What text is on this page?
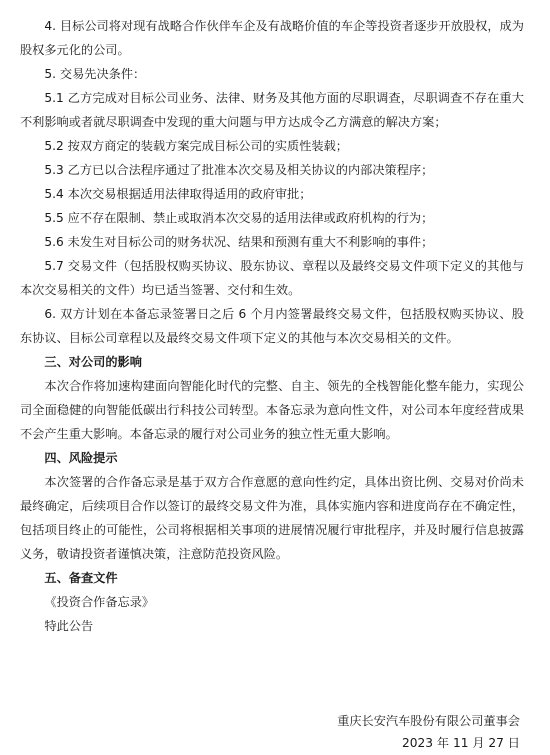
4. 目标公司将对现有战略合作伙伴车企及有战略价值的车企等投资者逐步开放股权，成为股权多元化的公司。

5. 交易先决条件：

5.1 乙方完成对目标公司业务、法律、财务及其他方面的尽职调查，尽职调查不存在重大不利影响或者就尽职调查中发现的重大问题与甲方达成令乙方满意的解决方案；

5.2 按双方商定的装载方案完成目标公司的实质性装载；

5.3 乙方已以合法程序通过了批准本次交易及相关协议的内部决策程序；

5.4 本次交易根据适用法律取得适用的政府审批；

5.5 应不存在限制、禁止或取消本次交易的适用法律或政府机构的行为；

5.6 未发生对目标公司的财务状况、结果和预测有重大不利影响的事件；

5.7 交易文件（包括股权购买协议、股东协议、章程以及最终交易文件项下定义的其他与本次交易相关的文件）均已适当签署、交付和生效。

6. 双方计划在本备忘录签署日之后 6 个月内签署最终交易文件，包括股权购买协议、股东协议、目标公司章程以及最终交易文件项下定义的其他与本次交易相关的文件。

三、对公司的影响

本次合作将加速构建面向智能化时代的完整、自主、领先的全栈智能化整车能力，实现公司全面稳健的向智能低碳出行科技公司转型。本备忘录为意向性文件，对公司本年度经营成果不会产生重大影响。本备忘录的履行对公司业务的独立性无重大影响。

四、风险提示

本次签署的合作备忘录是基于双方合作意愿的意向性约定，具体出资比例、交易对价尚未最终确定，后续项目合作以签订的最终交易文件为准，具体实施内容和进度尚存在不确定性，包括项目终止的可能性，公司将根据相关事项的进展情况履行审批程序，并及时履行信息披露义务，敬请投资者谨慎决策，注意防范投资风险。

五、备查文件

《投资合作备忘录》

特此公告

重庆长安汽车股份有限公司董事会

2023 年 11 月 27 日
